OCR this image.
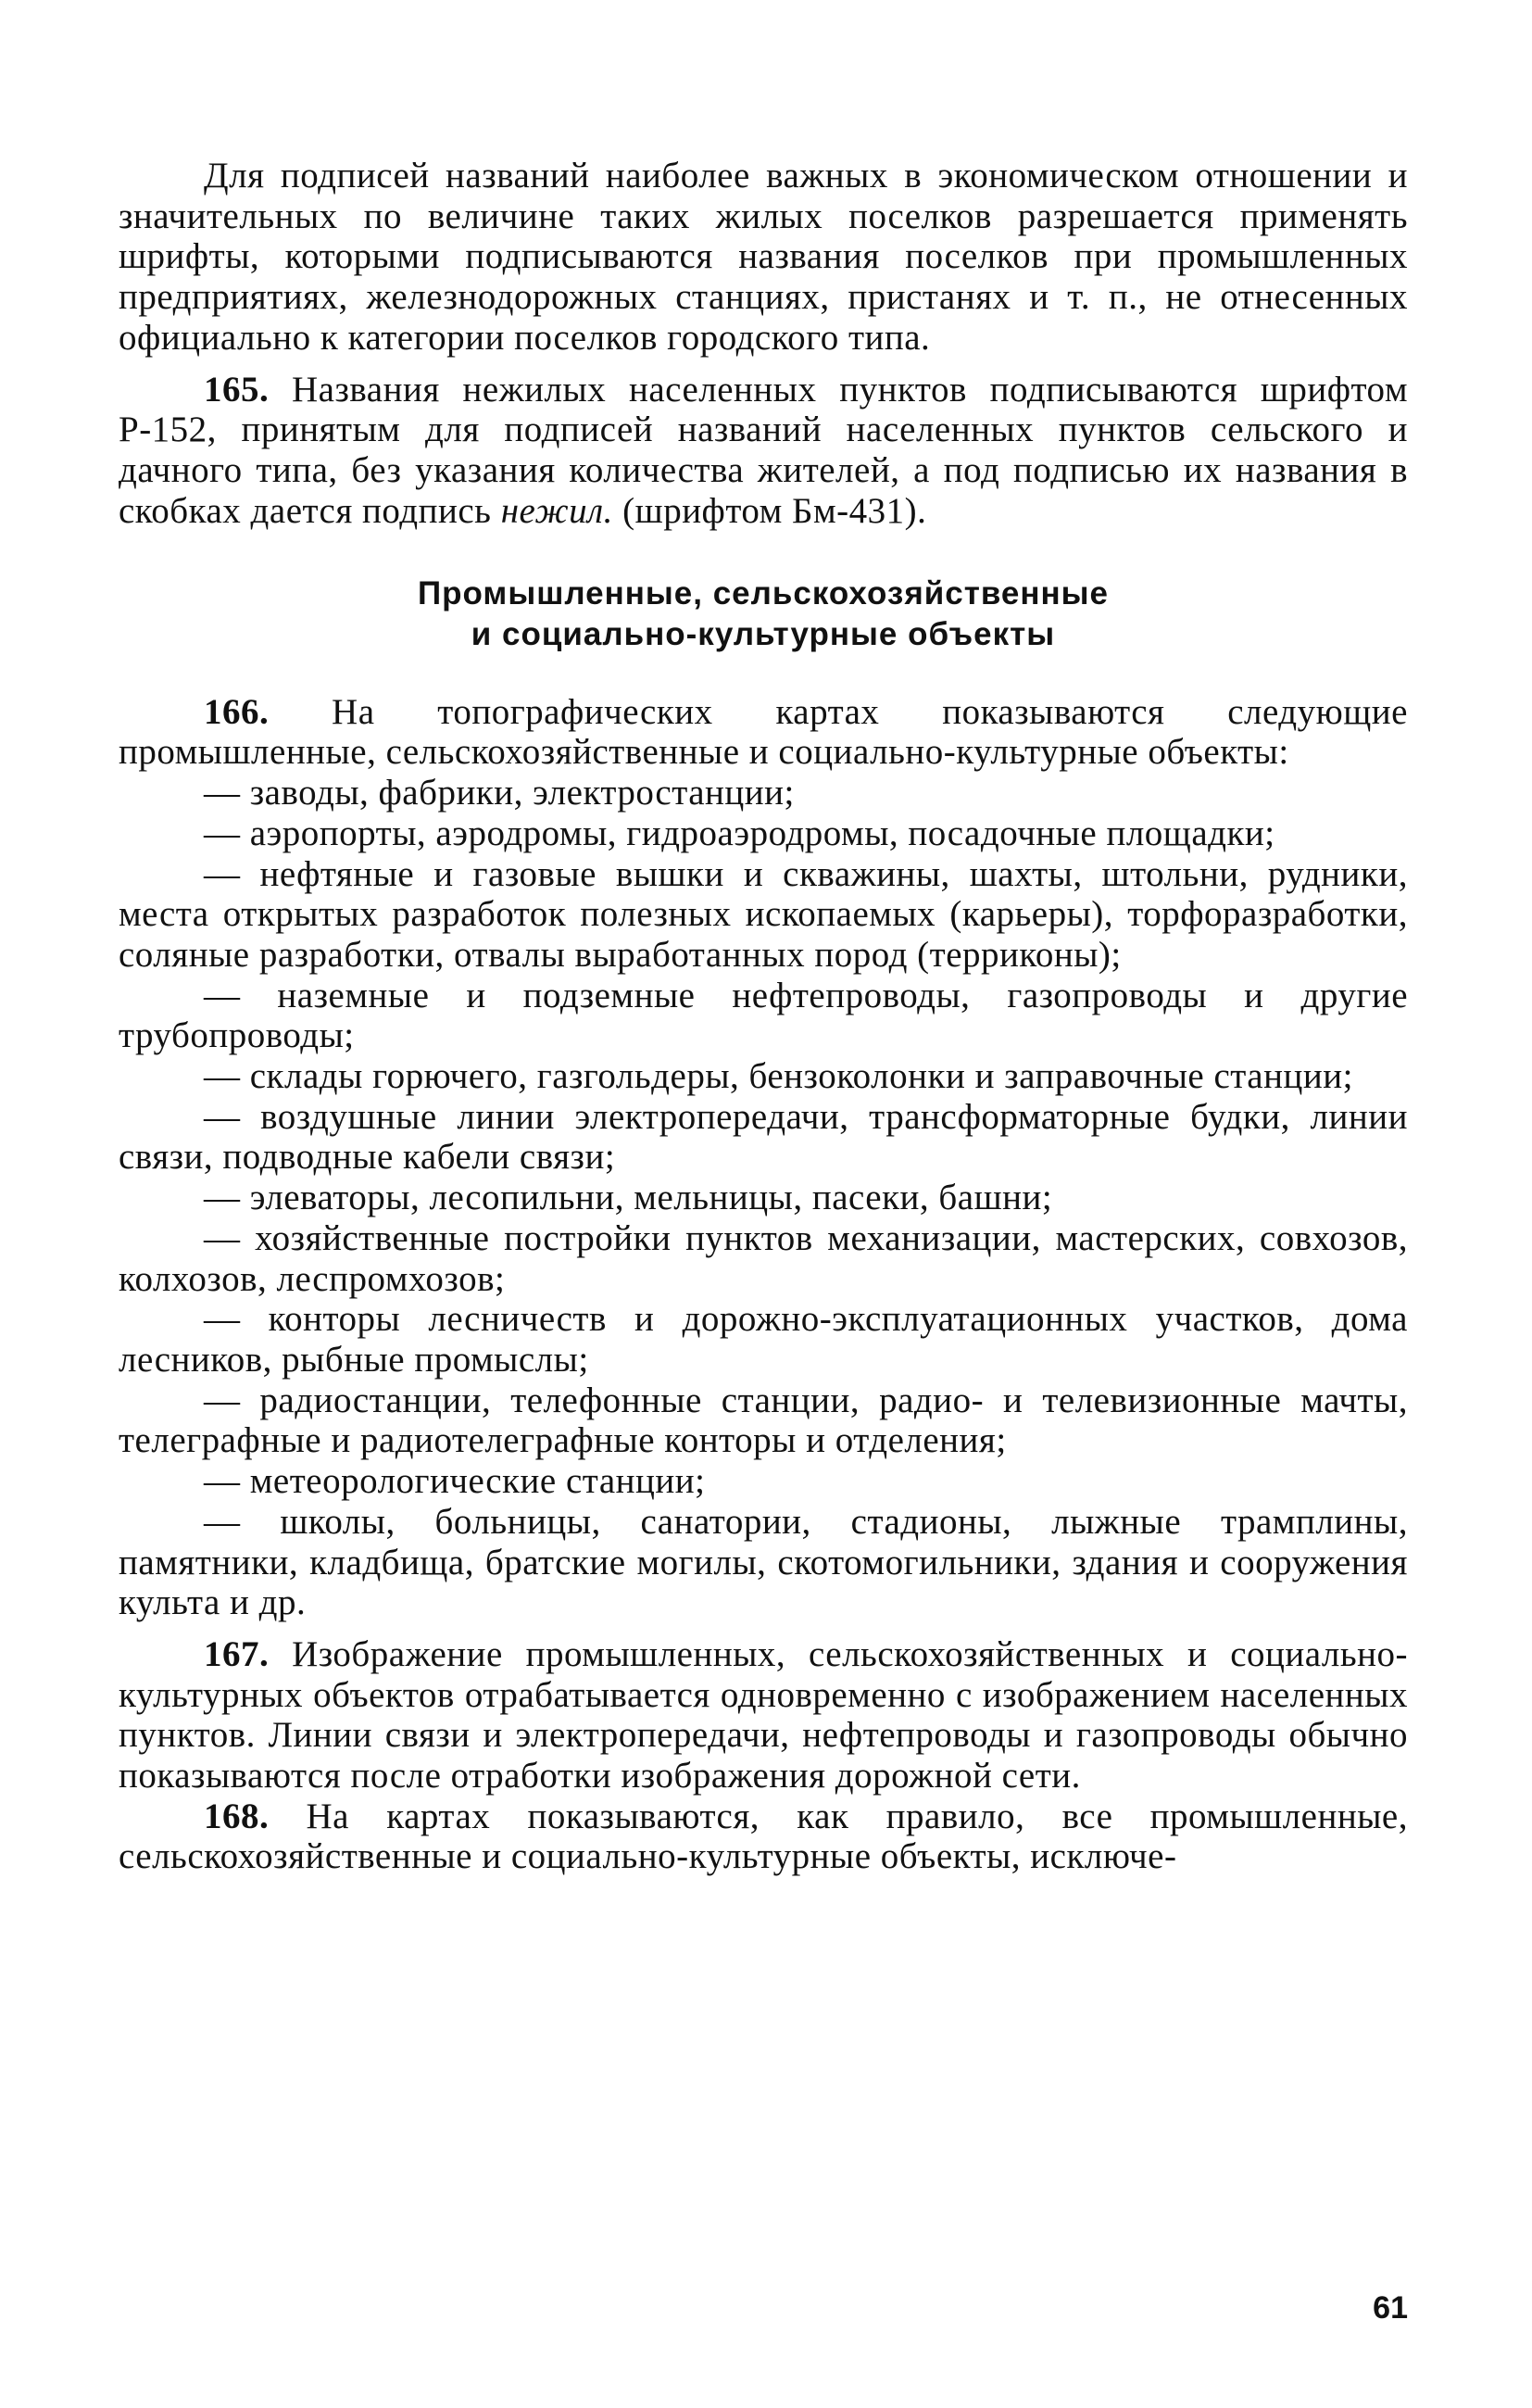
Для подписей названий наиболее важных в экономическом отношении и значительных по величине таких жилых поселков разрешается применять шрифты, которыми подписываются названия поселков при промышленных предприятиях, железнодорожных станциях, пристанях и т. п., не отнесенных официально к категории поселков городского типа.

165. Названия нежилых населенных пунктов подписываются шрифтом Р-152, принятым для подписей названий населенных пунктов сельского и дачного типа, без указания количества жителей, а под подписью их названия в скобках дается подпись нежил. (шрифтом Бм-431).

Промышленные, сельскохозяйственные
и социально-культурные объекты

166. На топографических картах показываются следующие промышленные, сельскохозяйственные и социально-культурные объекты:

— заводы, фабрики, электростанции;

— аэропорты, аэродромы, гидроаэродромы, посадочные площадки;

— нефтяные и газовые вышки и скважины, шахты, штольни, рудники, места открытых разработок полезных ископаемых (карьеры), торфоразработки, соляные разработки, отвалы выработанных пород (терриконы);

— наземные и подземные нефтепроводы, газопроводы и другие трубопроводы;

— склады горючего, газгольдеры, бензоколонки и заправочные станции;

— воздушные линии электропередачи, трансформаторные будки, линии связи, подводные кабели связи;

— элеваторы, лесопильни, мельницы, пасеки, башни;

— хозяйственные постройки пунктов механизации, мастерских, совхозов, колхозов, леспромхозов;

— конторы лесничеств и дорожно-эксплуатационных участков, дома лесников, рыбные промыслы;

— радиостанции, телефонные станции, радио- и телевизионные мачты, телеграфные и радиотелеграфные конторы и отделения;

— метеорологические станции;

— школы, больницы, санатории, стадионы, лыжные трамплины, памятники, кладбища, братские могилы, скотомогильники, здания и сооружения культа и др.

167. Изображение промышленных, сельскохозяйственных и социально-культурных объектов отрабатывается одновременно с изображением населенных пунктов. Линии связи и электропередачи, нефтепроводы и газопроводы обычно показываются после отработки изображения дорожной сети.

168. На картах показываются, как правило, все промышленные, сельскохозяйственные и социально-культурные объекты, исключе-

61
